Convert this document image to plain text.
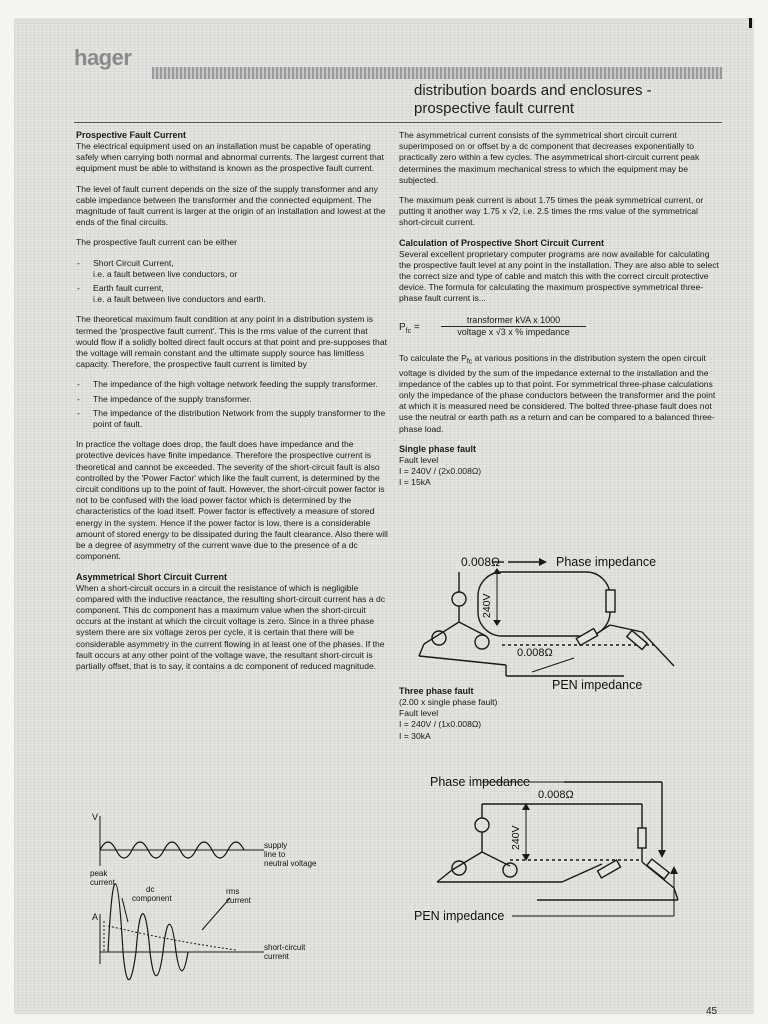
hager
distribution boards and enclosures -
prospective fault current
Prospective Fault Current

The electrical equipment used on an installation must be capable of operating safely when carrying both normal and abnormal currents. The largest current that equipment must be able to withstand is known as the prospective fault current.

The level of fault current depends on the size of the supply transformer and any cable impedance between the transformer and the connected equipment. The magnitude of fault current is larger at the origin of an installation and lowest at the ends of the final circuits.

The prospective fault current can be either

- Short Circuit Current,
i.e. a fault between live conductors, or
- Earth fault current,
i.e. a fault between live conductors and earth.

The theoretical maximum fault condition at any point in a distribution system is termed the 'prospective fault current'. This is the rms value of the current that would flow if a solidly bolted direct fault occurs at that point and pre-supposes that the voltage will remain constant and the ultimate supply source has limitless capacity. Therefore, the prospective fault current is limited by

- The impedance of the high voltage network feeding the supply transformer.
- The impedance of the supply transformer.
- The impedance of the distribution Network from the supply transformer to the point of fault.

In practice the voltage does drop, the fault does have impedance and the protective devices have finite impedance. Therefore the prospective current is theoretical and cannot be exceeded. The severity of the short-circuit fault is also controlled by the 'Power Factor' which like the fault current, is determined by the circuit conditions up to the point of fault. However, the short-circuit power factor is not to be confused with the load power factor which is determined by the characteristics of the load itself. Power factor is effectively a measure of stored energy in the system. Hence if the power factor is low, there is a considerable amount of stored energy to be dissipated during the fault clearance. Also there will be a degree of asymmetry of the current wave due to the presence of a dc component.

Asymmetrical Short Circuit Current

When a short-circuit occurs in a circuit the resistance of which is negligible compared with the inductive reactance, the resulting short-circuit current has a dc component. This dc component has a maximum value when the short-circuit occurs at the instant at which the circuit voltage is zero. Since in a three phase system there are six voltage zeros per cycle, it is certain that there will be considerable asymmetry in the current flowing in at least one of the phases. If the fault occurs at any other point of the voltage wave, the resultant short-circuit is partially offset, that is to say, it contains a dc component of reduced magnitude.

The asymmetrical current consists of the symmetrical short circuit current superimposed on or offset by a dc component that decreases exponentially to practically zero within a few cycles. The asymmetrical short-circuit current peak determines the maximum mechanical stress to which the equipment may be subjected.

The maximum peak current is about 1.75 times the peak symmetrical current, or putting it another way 1.75 x √2, i.e. 2.5 times the rms value of the symmetrical short-circuit current.

Calculation of Prospective Short Circuit Current

Several excellent proprietary computer programs are now available for calculating the prospective fault level at any point in the installation. They are also able to select the correct size and type of cable and match this with the correct circuit protective device. The formula for calculating the maximum prospective symmetrical three-phase fault current is...

$P_{fc}$ =
transformer kVA x 1000
voltage x √3 x % impedance

To calculate the $P_{fc}$ at various positions in the distribution system the open circuit voltage is divided by the sum of the impedance external to the installation and the impedance of the cables up to that point. For symmetrical three-phase calculations only the impedance of the phase conductors between the transformer and the point at which it is measured need be considered. The bolted three-phase fault does not use the neutral or earth path as a return and can be compared to a balanced three-phase load.

Single phase fault
Fault level
I = 240V / (2x0.008Ω)
I = 15kA
Three phase fault
(2.00 x single phase fault)
Fault level
I = 240V / (1x0.008Ω)
I = 30kA
0.008Ω	Phase impedance
240V
0.008Ω
PEN impedance
Phase impedance
0.008Ω
240V
PEN impedance
V
A
supply
line to
neutral voltage
peak
current
dc
component
rms
current
short-circuit
current
45
